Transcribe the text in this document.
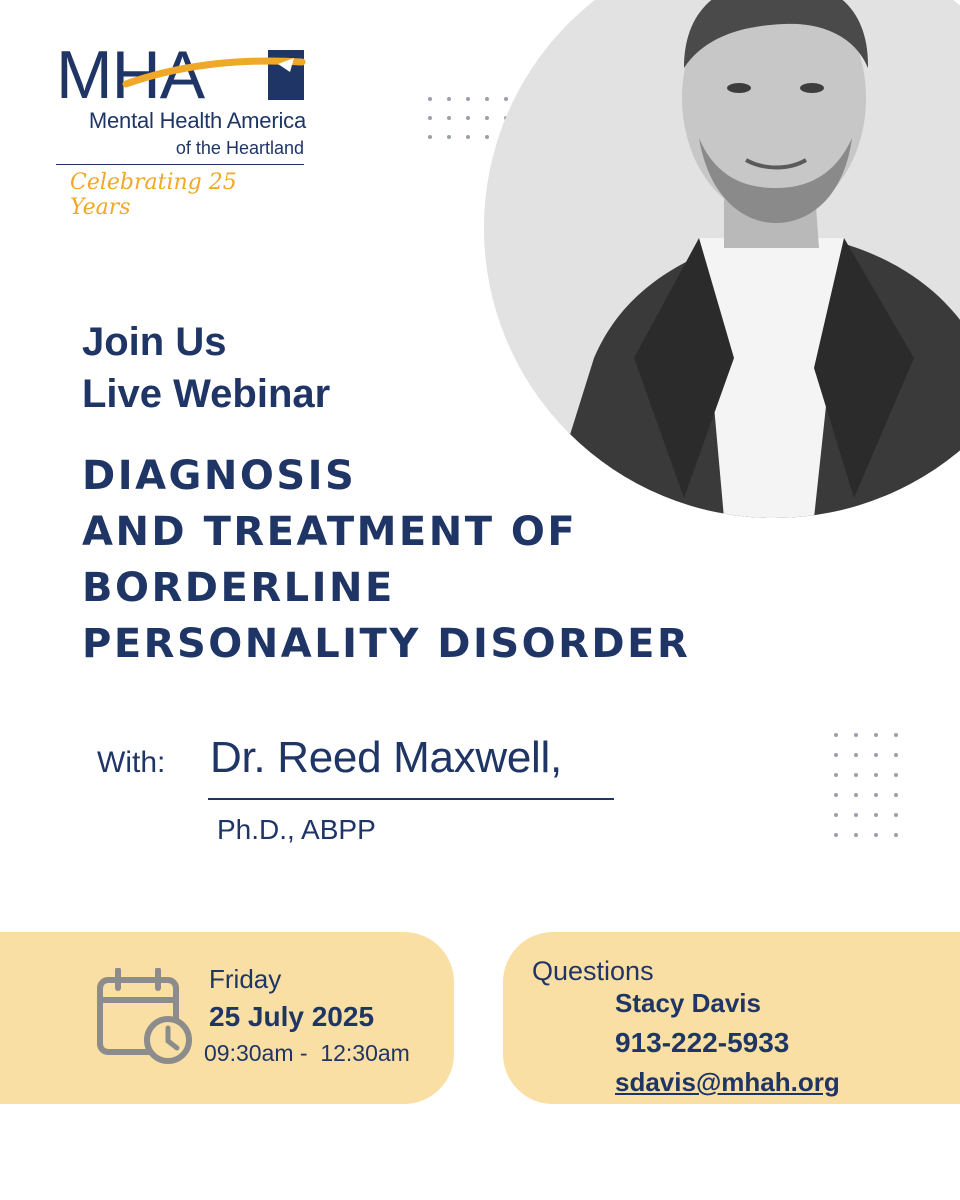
MHA
Mental Health America
of the Heartland
Celebrating 25 Years
Join Us
Live Webinar
DIAGNOSIS
AND TREATMENT OF
BORDERLINE
PERSONALITY DISORDER
With: Dr. Reed Maxwell,
Ph.D., ABPP
Friday
25 July 2025
09:30am -  12:30am
Questions
Stacy Davis
913-222-5933
sdavis@mhah.org
